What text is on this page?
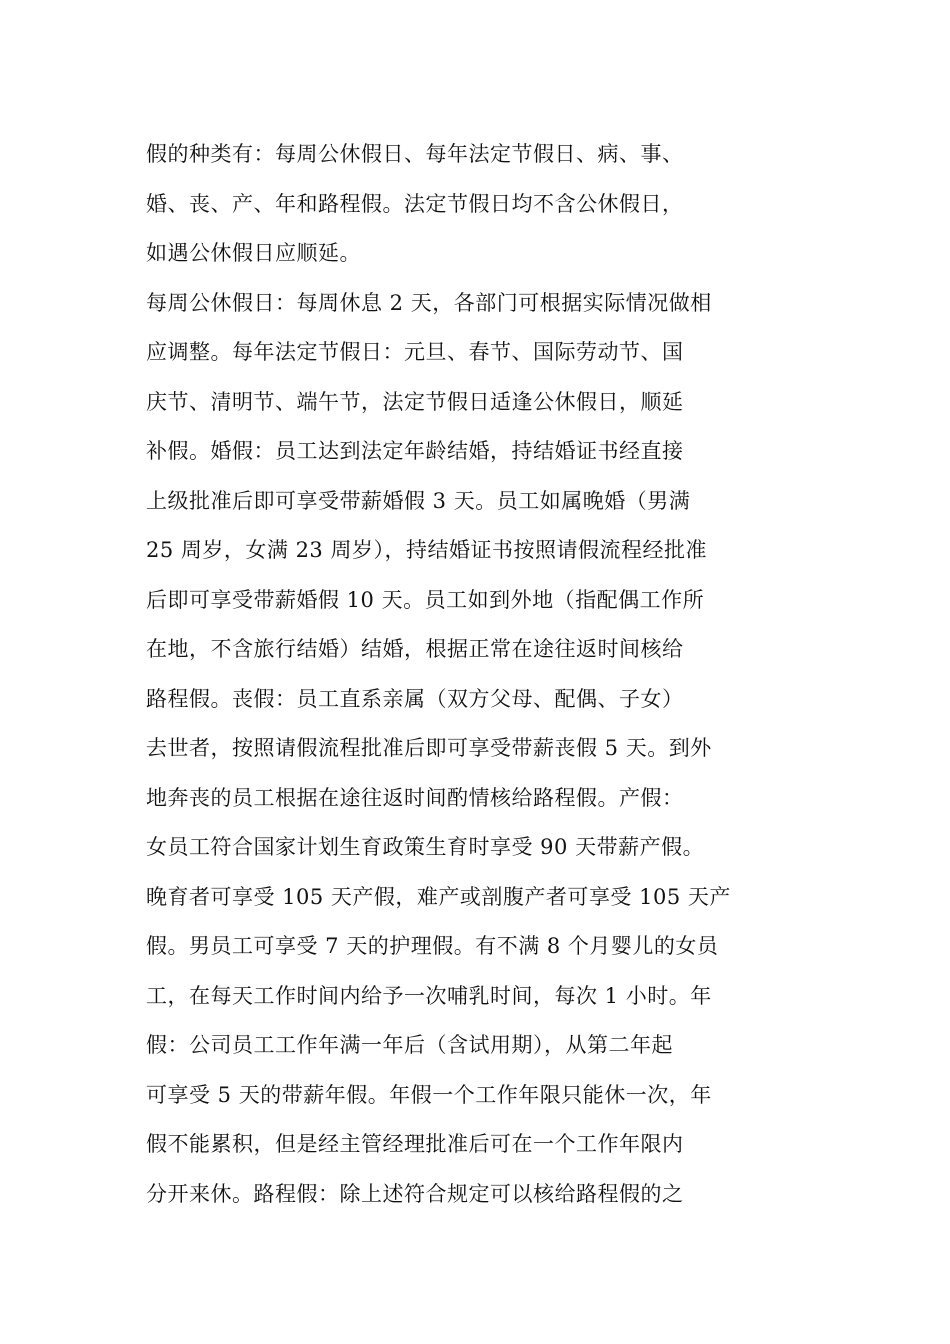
假的种类有：每周公休假日、每年法定节假日、病、事、
婚、丧、产、年和路程假。法定节假日均不含公休假日，
如遇公休假日应顺延。
每周公休假日：每周休息 2 天，各部门可根据实际情况做相
应调整。每年法定节假日：元旦、春节、国际劳动节、国
庆节、清明节、端午节，法定节假日适逢公休假日，顺延
补假。婚假：员工达到法定年龄结婚，持结婚证书经直接
上级批准后即可享受带薪婚假 3 天。员工如属晚婚（男满
25 周岁，女满 23 周岁），持结婚证书按照请假流程经批准
后即可享受带薪婚假 10 天。员工如到外地（指配偶工作所
在地，不含旅行结婚）结婚，根据正常在途往返时间核给
路程假。丧假：员工直系亲属（双方父母、配偶、子女）
去世者，按照请假流程批准后即可享受带薪丧假 5 天。到外
地奔丧的员工根据在途往返时间酌情核给路程假。产假：
女员工符合国家计划生育政策生育时享受 90 天带薪产假。
晚育者可享受 105 天产假，难产或剖腹产者可享受 105 天产
假。男员工可享受 7 天的护理假。有不满 8 个月婴儿的女员
工，在每天工作时间内给予一次哺乳时间，每次 1 小时。年
假：公司员工工作年满一年后（含试用期），从第二年起
可享受 5 天的带薪年假。年假一个工作年限只能休一次，年
假不能累积，但是经主管经理批准后可在一个工作年限内
分开来休。路程假：除上述符合规定可以核给路程假的之
